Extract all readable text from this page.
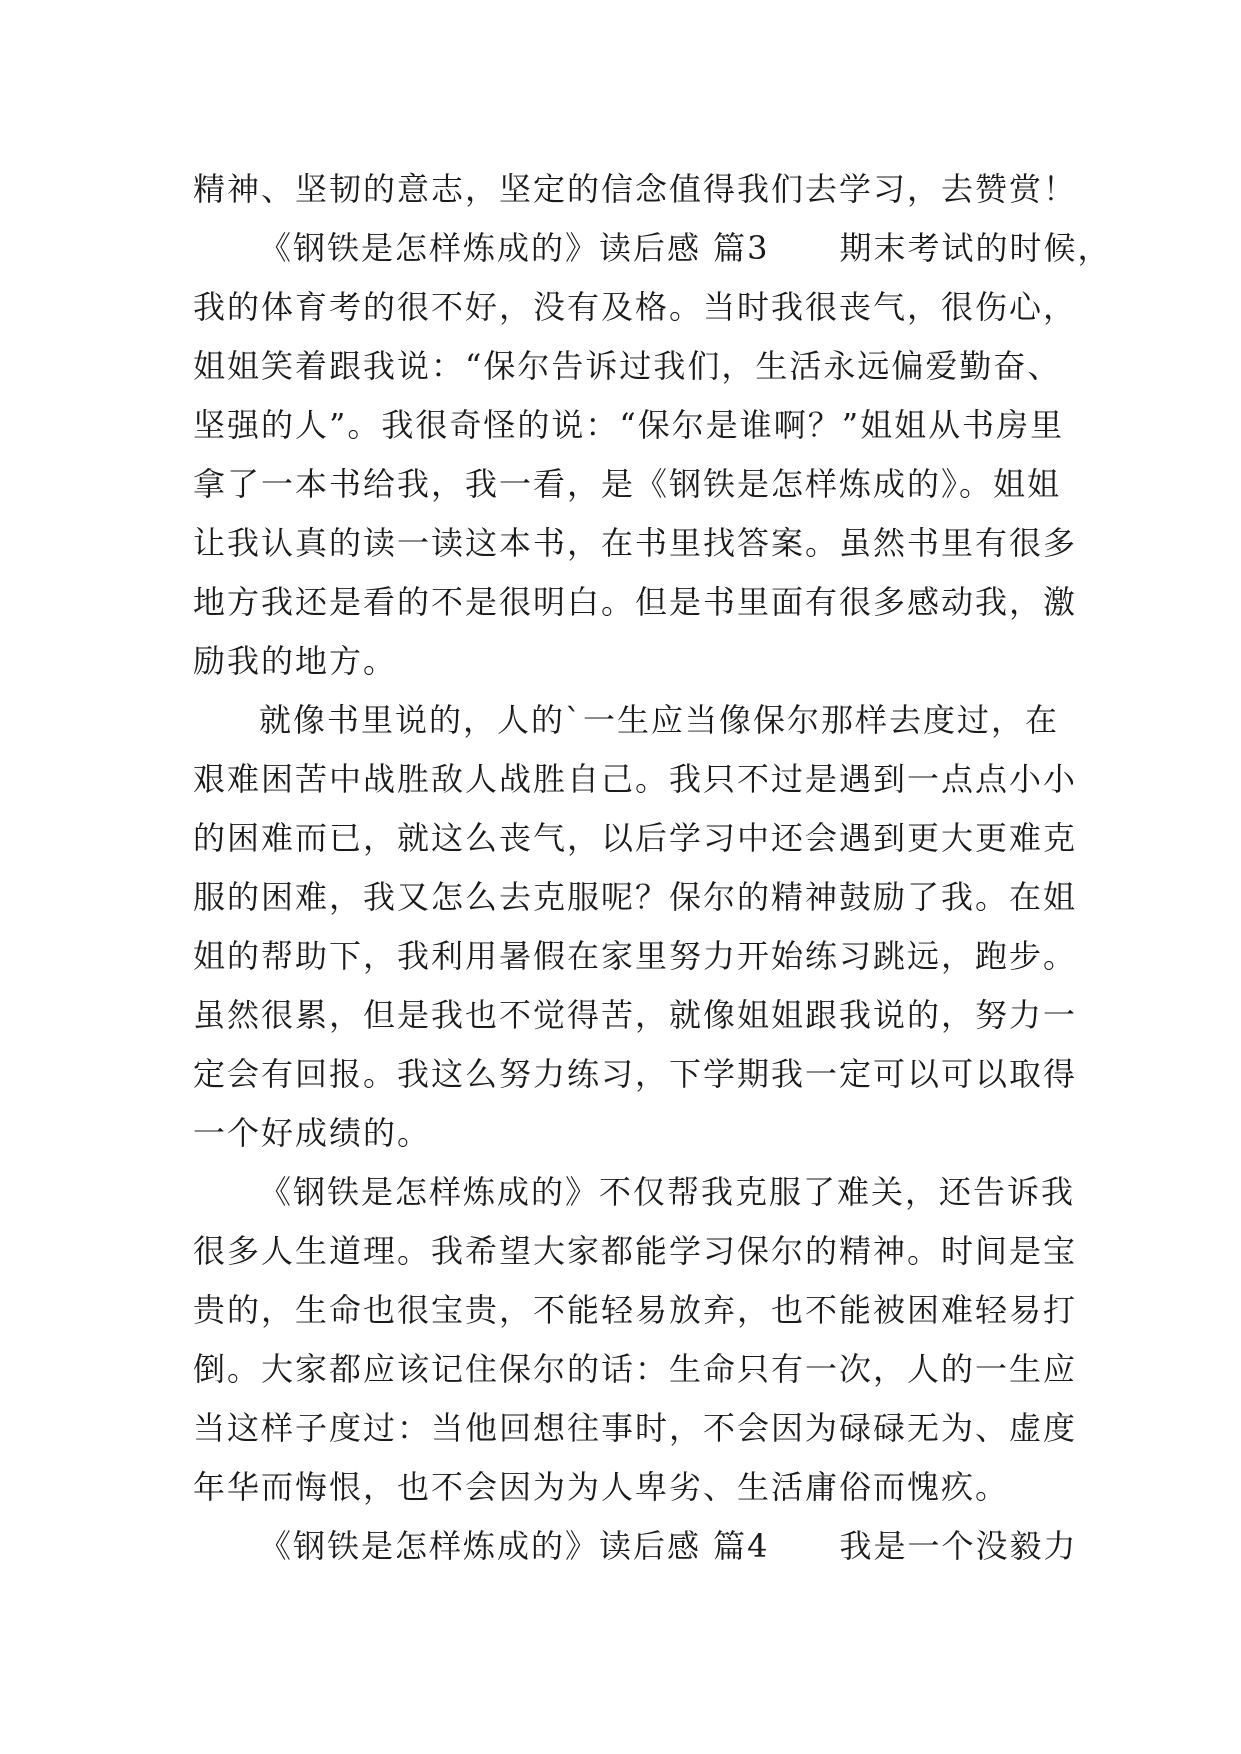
精神、坚韧的意志，坚定的信念值得我们去学习，去赞赏！
《钢铁是怎样炼成的》读后感 篇3 期末考试的时候，
我的体育考的很不好，没有及格。当时我很丧气，很伤心，
姐姐笑着跟我说：“保尔告诉过我们，生活永远偏爱勤奋、
坚强的人”。我很奇怪的说：“保尔是谁啊？”姐姐从书房里
拿了一本书给我，我一看，是《钢铁是怎样炼成的》。姐姐
让我认真的读一读这本书，在书里找答案。虽然书里有很多
地方我还是看的不是很明白。但是书里面有很多感动我，激
励我的地方。
就像书里说的，人的`一生应当像保尔那样去度过，在
艰难困苦中战胜敌人战胜自己。我只不过是遇到一点点小小
的困难而已，就这么丧气，以后学习中还会遇到更大更难克
服的困难，我又怎么去克服呢？保尔的精神鼓励了我。在姐
姐的帮助下，我利用暑假在家里努力开始练习跳远，跑步。
虽然很累，但是我也不觉得苦，就像姐姐跟我说的，努力一
定会有回报。我这么努力练习，下学期我一定可以可以取得
一个好成绩的。
《钢铁是怎样炼成的》不仅帮我克服了难关，还告诉我
很多人生道理。我希望大家都能学习保尔的精神。时间是宝
贵的，生命也很宝贵，不能轻易放弃，也不能被困难轻易打
倒。大家都应该记住保尔的话：生命只有一次，人的一生应
当这样子度过：当他回想往事时，不会因为碌碌无为、虚度
年华而悔恨，也不会因为为人卑劣、生活庸俗而愧疚。
《钢铁是怎样炼成的》读后感 篇4 我是一个没毅力
